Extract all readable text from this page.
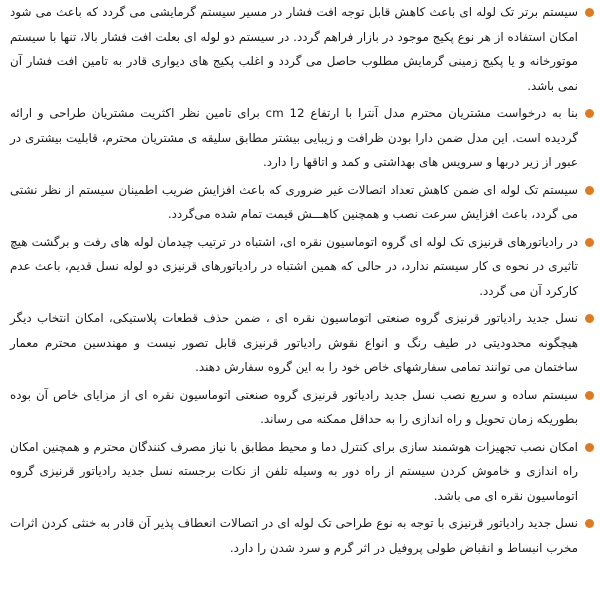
سیستم برتر تک لوله ای باعث کاهش قابل توجه افت فشار در مسیر سیستم گرمایشی می گردد که باعث می شود امکان استفاده از هر نوع پکیج موجود در بازار فراهم گردد. در سیستم دو لوله ای بعلت افت فشار بالا، تنها با سیستم موتورخانه و یا پکیج زمینی گرمایش مطلوب حاصل می گردد و اغلب پکیج های دیواری قادر به تامین افت فشار آن نمی باشد.
بنا به درخواست مشتریان محترم مدل آنترا با ارتفاع 12 cm برای تامین نظر اکثریت مشتریان طراحی و ارائه گردیده است. این مدل ضمن دارا بودن ظرافت و زیبایی بیشتر مطابق سلیقه ی مشتریان محترم، قابلیت بیشتری در عبور از زیر دربها و سرویس های بهداشتی و کمد و اتاقها را دارد.
سیستم تک لوله ای ضمن کاهش تعداد اتصالات غیر ضروری که باعث افزایش ضریب اطمینان سیستم از نظر نشتی می گردد، باعث افزایش سرعت نصب و همچنین کاهـــش قیمت تمام شده می‌گردد.
در رادیاتورهای قرنیزی تک لوله ای گروه اتوماسیون نقره ای، اشتباه در ترتیب چیدمان لوله های رفت و برگشت هیچ تاثیری در نحوه ی کار سیستم ندارد، در حالی که همین اشتباه در رادیاتورهای قرنیزی دو لوله نسل قدیم، باعث عدم کارکرد آن می گردد.
نسل جدید رادیاتور قرنیزی گروه صنعتی اتوماسیون نقره ای ، ضمن حذف قطعات پلاستیکی، امکان انتخاب دیگر هیچگونه محدودیتی در طیف رنگ و انواع نقوش رادیاتور قرنیزی قابل تصور نیست و مهندسین محترم معمار ساختمان می توانند تمامی سفارشهای خاص خود را به این گروه سفارش دهند.
سیستم ساده و سریع نصب نسل جدید رادیاتور قرنیزی گروه صنعتی اتوماسیون نقره ای از مزایای خاص آن بوده بطوریکه زمان تحویل و راه اندازی را به حداقل ممکنه می رساند.
امکان نصب تجهیزات هوشمند سازی برای کنترل دما و محیط مطابق با نیاز مصرف کنندگان محترم و همچنین امکان راه اندازی و خاموش کردن سیستم از راه دور به وسیله تلفن از نکات برجسته نسل جدید رادیاتور قرنیزی گروه اتوماسیون نقره ای می باشد.
نسل جدید رادیاتور قرنیزی با توجه به نوع طراحی تک لوله ای در اتصالات انعطاف پذیر آن قادر به خنثی کردن اثرات مخرب انبساط و انقباض طولی پروفیل در اثر گرم و سرد شدن را دارد.
